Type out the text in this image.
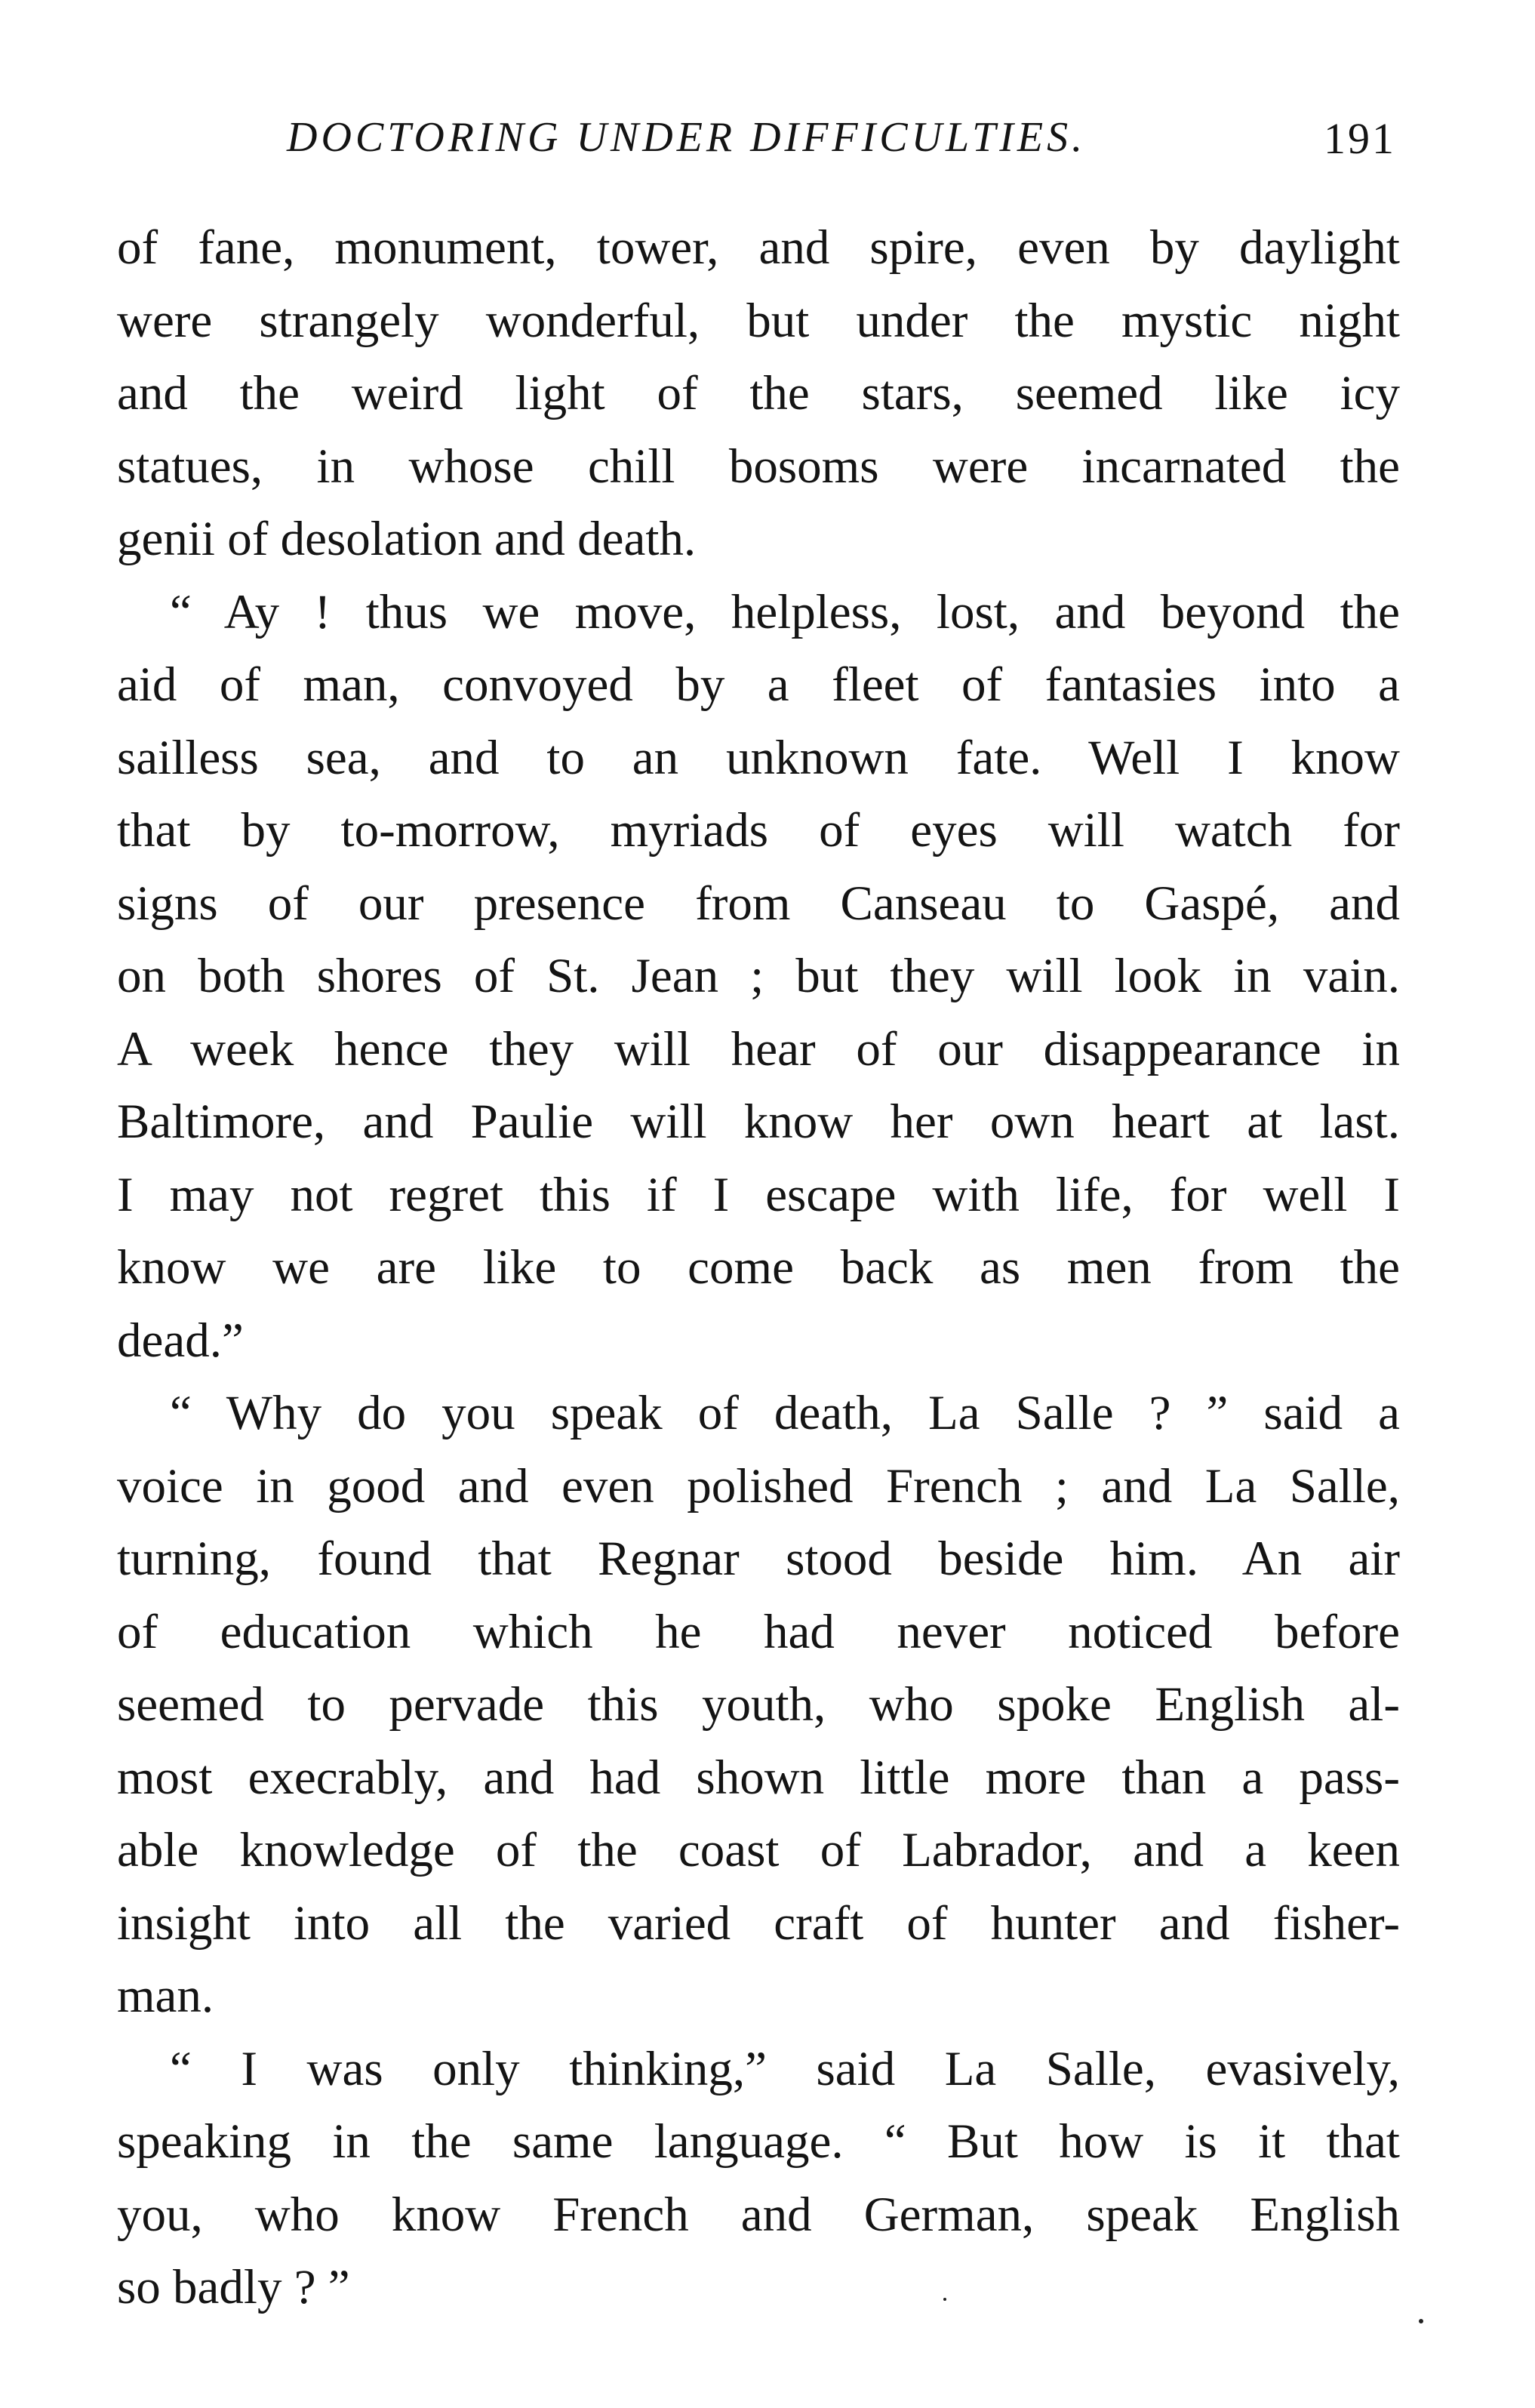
DOCTORING UNDER DIFFICULTIES.	191
of fane, monument, tower, and spire, even by daylight
were strangely wonderful, but under the mystic night
and the weird light of the stars, seemed like icy
statues, in whose chill bosoms were incarnated the
genii of desolation and death.
“ Ay ! thus we move, helpless, lost, and beyond the
aid of man, convoyed by a fleet of fantasies into a
sailless sea, and to an unknown fate. Well I know
that by to-morrow, myriads of eyes will watch for
signs of our presence from Canseau to Gaspé, and
on both shores of St. Jean ; but they will look in vain.
A week hence they will hear of our disappearance in
Baltimore, and Paulie will know her own heart at last.
I may not regret this if I escape with life, for well I
know we are like to come back as men from the
dead.”
“ Why do you speak of death, La Salle ? ” said a
voice in good and even polished French ; and La Salle,
turning, found that Regnar stood beside him. An air
of education which he had never noticed before
seemed to pervade this youth, who spoke English al-
most execrably, and had shown little more than a pass-
able knowledge of the coast of Labrador, and a keen
insight into all the varied craft of hunter and fisher-
man.
“ I was only thinking,” said La Salle, evasively,
speaking in the same language. “ But how is it that
you, who know French and German, speak English
so badly ? ”
